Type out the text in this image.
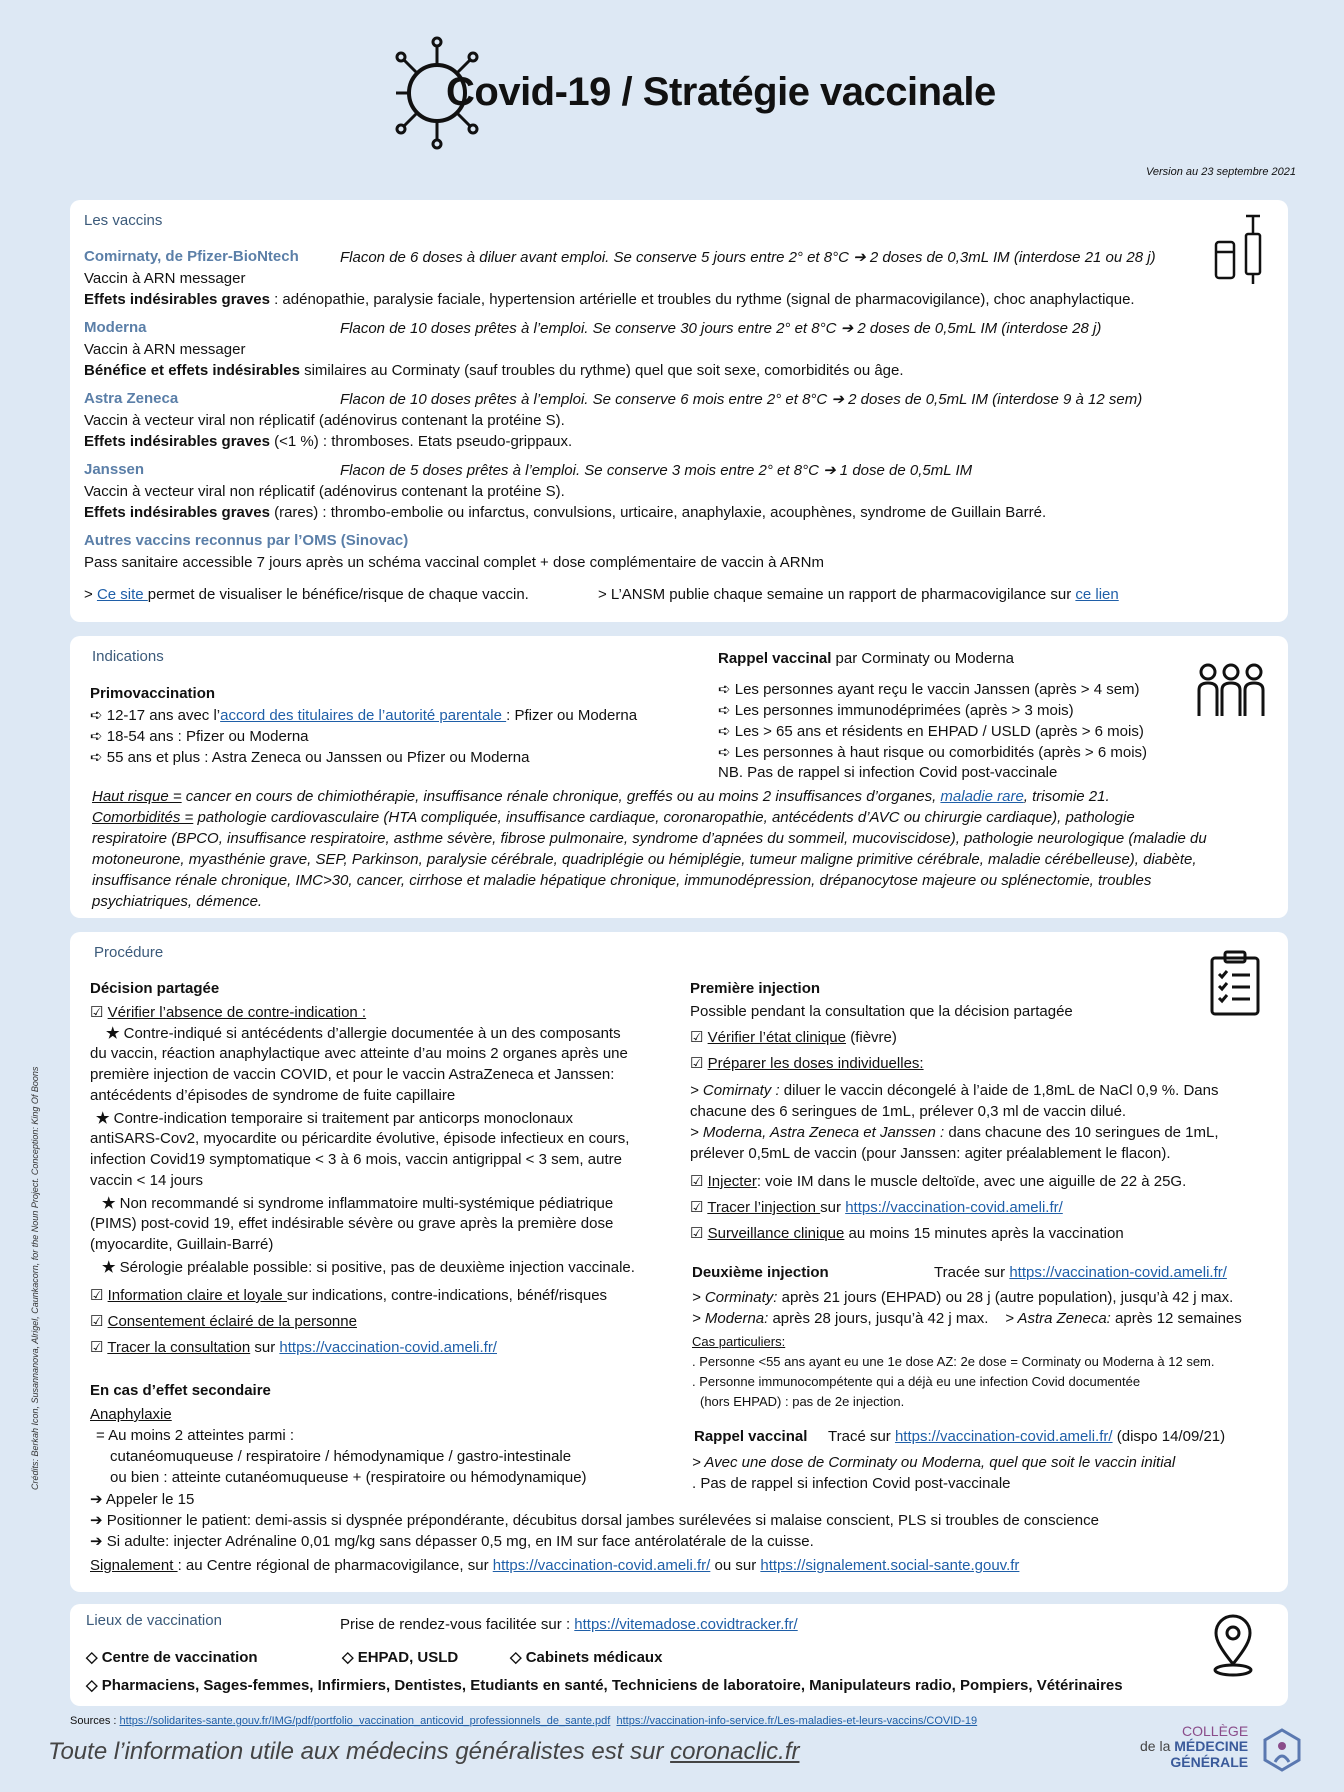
Covid-19 / Stratégie vaccinale
Version au 23 septembre 2021
Les vaccins
Comirnaty, de Pfizer-BioNtech	Flacon de 6 doses à diluer avant emploi. Se conserve 5 jours entre 2° et 8°C ➔ 2 doses de 0,3mL IM (interdose 21 ou 28 j)
Vaccin à ARN messager
Effets indésirables graves : adénopathie, paralysie faciale, hypertension artérielle et troubles du rythme (signal de pharmacovigilance), choc anaphylactique.
Moderna	Flacon de 10 doses prêtes à l’emploi. Se conserve 30 jours entre 2° et 8°C ➔ 2 doses de 0,5mL IM (interdose 28 j)
Vaccin à ARN messager
Bénéfice et effets indésirables similaires au Corminaty (sauf troubles du rythme) quel que soit sexe, comorbidités ou âge.
Astra Zeneca	Flacon de 10 doses prêtes à l’emploi. Se conserve 6 mois entre 2° et 8°C ➔ 2 doses de 0,5mL IM (interdose 9 à 12 sem)
Vaccin à vecteur viral non réplicatif (adénovirus contenant la protéine S).
Effets indésirables graves (<1 %) : thromboses. Etats pseudo-grippaux.
Janssen	Flacon de 5 doses prêtes à l’emploi. Se conserve 3 mois entre 2° et 8°C ➔ 1 dose de 0,5mL IM
Vaccin à vecteur viral non réplicatif (adénovirus contenant la protéine S).
Effets indésirables graves (rares) : thrombo-embolie ou infarctus, convulsions, urticaire, anaphylaxie, acouphènes, syndrome de Guillain Barré.
Autres vaccins reconnus par l’OMS (Sinovac)
Pass sanitaire accessible 7 jours après un schéma vaccinal complet + dose complémentaire de vaccin à ARNm
> Ce site permet de visualiser le bénéfice/risque de chaque vaccin.	> L’ANSM publie chaque semaine un rapport de pharmacovigilance sur ce lien
Indications
Primovaccination
➪ 12-17 ans avec l’accord des titulaires de l’autorité parentale : Pfizer ou Moderna
➪ 18-54 ans : Pfizer ou Moderna
➪ 55 ans et plus : Astra Zeneca ou Janssen ou Pfizer ou Moderna
Rappel vaccinal par Corminaty ou Moderna
➪ Les personnes ayant reçu le vaccin Janssen (après > 4 sem)
➪ Les personnes immunodéprimées (après > 3 mois)
➪ Les > 65 ans et résidents en EHPAD / USLD (après > 6 mois)
➪ Les personnes à haut risque ou comorbidités (après > 6 mois)
NB. Pas de rappel si infection Covid post-vaccinale
Haut risque = cancer en cours de chimiothérapie, insuffisance rénale chronique, greffés ou au moins 2 insuffisances d’organes, maladie rare, trisomie 21.
Comorbidités = pathologie cardiovasculaire (HTA compliquée, insuffisance cardiaque, coronaropathie, antécédents d’AVC ou chirurgie cardiaque), pathologie
respiratoire (BPCO, insuffisance respiratoire, asthme sévère, fibrose pulmonaire, syndrome d’apnées du sommeil, mucoviscidose), pathologie neurologique (maladie du
motoneurone, myasthénie grave, SEP, Parkinson, paralysie cérébrale, quadriplégie ou hémiplégie, tumeur maligne primitive cérébrale, maladie cérébelleuse), diabète,
insuffisance rénale chronique, IMC>30, cancer, cirrhose et maladie hépatique chronique, immunodépression, drépanocytose majeure ou splénectomie, troubles
psychiatriques, démence.
Procédure
Décision partagée
☑ Vérifier l’absence de contre-indication :
★ Contre-indiqué si antécédents d’allergie documentée à un des composants
du vaccin, réaction anaphylactique avec atteinte d’au moins 2 organes après une
première injection de vaccin COVID, et pour le vaccin AstraZeneca et Janssen:
antécédents d’épisodes de syndrome de fuite capillaire
★ Contre-indication temporaire si traitement par anticorps monoclonaux
antiSARS-Cov2, myocardite ou péricardite évolutive, épisode infectieux en cours,
infection Covid19 symptomatique < 3 à 6 mois, vaccin antigrippal < 3 sem, autre
vaccin < 14 jours
★ Non recommandé si syndrome inflammatoire multi-systémique pédiatrique
(PIMS) post-covid 19, effet indésirable sévère ou grave après la première dose
(myocardite, Guillain-Barré)
★ Sérologie préalable possible: si positive, pas de deuxième injection vaccinale.
☑ Information claire et loyale sur indications, contre-indications, bénéf/risques
☑ Consentement éclairé de la personne
☑ Tracer la consultation sur https://vaccination-covid.ameli.fr/
En cas d’effet secondaire
Anaphylaxie
= Au moins 2 atteintes parmi :
cutanéomuqueuse / respiratoire / hémodynamique / gastro-intestinale
ou bien : atteinte cutanéomuqueuse + (respiratoire ou hémodynamique)
➔ Appeler le 15
➔ Positionner le patient: demi-assis si dyspnée prépondérante, décubitus dorsal jambes surélevées si malaise conscient, PLS si troubles de conscience
➔ Si adulte: injecter Adrénaline 0,01 mg/kg sans dépasser 0,5 mg, en IM sur face antérolatérale de la cuisse.
Signalement : au Centre régional de pharmacovigilance, sur https://vaccination-covid.ameli.fr/ ou sur https://signalement.social-sante.gouv.fr
Première injection
Possible pendant la consultation que la décision partagée
☑ Vérifier l’état clinique (fièvre)
☑ Préparer les doses individuelles:
> Comirnaty : diluer le vaccin décongelé à l’aide de 1,8mL de NaCl 0,9 %. Dans
chacune des 6 seringues de 1mL, prélever 0,3 ml de vaccin dilué.
> Moderna, Astra Zeneca et Janssen : dans chacune des 10 seringues de 1mL,
prélever 0,5mL de vaccin (pour Janssen: agiter préalablement le flacon).
☑ Injecter: voie IM dans le muscle deltoïde, avec une aiguille de 22 à 25G.
☑ Tracer l’injection sur https://vaccination-covid.ameli.fr/
☑ Surveillance clinique au moins 15 minutes après la vaccination
Deuxième injection	Tracée sur https://vaccination-covid.ameli.fr/
> Corminaty: après 21 jours (EHPAD) ou 28 j (autre population), jusqu’à 42 j max.
> Moderna: après 28 jours, jusqu’à 42 j max. > Astra Zeneca: après 12 semaines
Cas particuliers:
. Personne <55 ans ayant eu une 1e dose AZ: 2e dose = Corminaty ou Moderna à 12 sem.
. Personne immunocompétente qui a déjà eu une infection Covid documentée
(hors EHPAD) : pas de 2e injection.
Rappel vaccinal Tracé sur https://vaccination-covid.ameli.fr/ (dispo 14/09/21)
> Avec une dose de Corminaty ou Moderna, quel que soit le vaccin initial
. Pas de rappel si infection Covid post-vaccinale
Lieux de vaccination	Prise de rendez-vous facilitée sur : https://vitemadose.covidtracker.fr/
◇ Centre de vaccination	◇ EHPAD, USLD	◇ Cabinets médicaux
◇ Pharmaciens, Sages-femmes, Infirmiers, Dentistes, Etudiants en santé, Techniciens de laboratoire, Manipulateurs radio, Pompiers, Vétérinaires
Sources : https://solidarites-sante.gouv.fr/IMG/pdf/portfolio_vaccination_anticovid_professionnels_de_sante.pdf https://vaccination-info-service.fr/Les-maladies-et-leurs-vaccins/COVID-19
Toute l’information utile aux médecins généralistes est sur coronaclic.fr
COLLÈGE
de la MÉDECINE
GÉNÉRALE
Crédits: Berkah Icon, Susannanova, Alrigel, Caunkacorn, for the Noun Project. Conception: King Of Boons
